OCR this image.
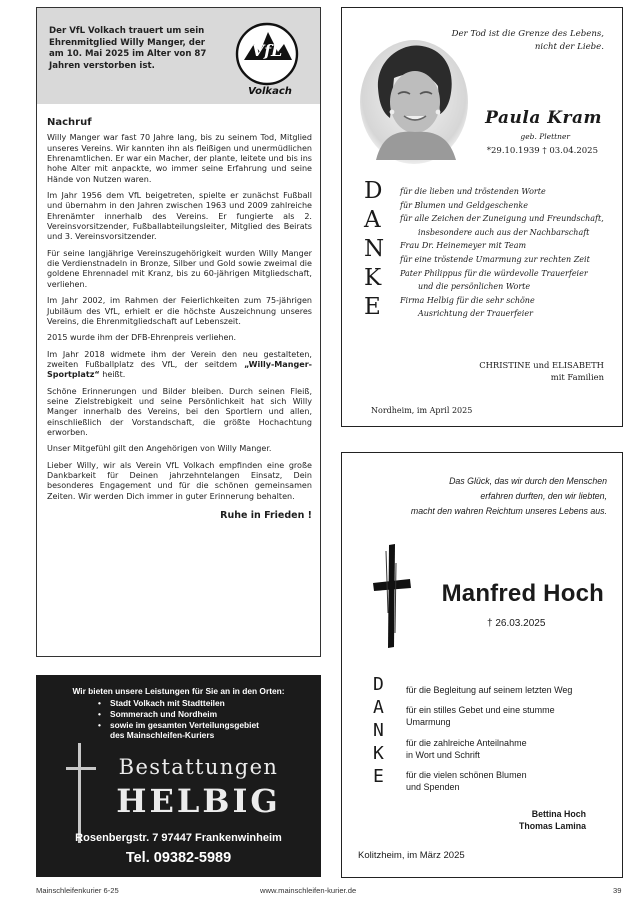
Der VfL Volkach trauert um sein Ehrenmitglied Willy Manger, der am 10. Mai 2025 im Alter von 87 Jahren verstorben ist.
VfL
Volkach
Nachruf

Willy Manger war fast 70 Jahre lang, bis zu seinem Tod, Mitglied unseres Vereins. Wir kannten ihn als fleißigen und unermüdlichen Ehrenamtlichen. Er war ein Macher, der plante, leitete und bis ins hohe Alter mit anpackte, wo immer seine Erfahrung und seine Hände von Nutzen waren.

Im Jahr 1956 dem VfL beigetreten, spielte er zunächst Fußball und übernahm in den Jahren zwischen 1963 und 2009 zahlreiche Ehrenämter innerhalb des Vereins. Er fungierte als 2. Vereinsvorsitzender, Fußballabteilungsleiter, Mitglied des Beirats und 3. Vereinsvorsitzender.

Für seine langjährige Vereinszugehörigkeit wurden Willy Manger die Verdienstnadeln in Bronze, Silber und Gold sowie zweimal die goldene Ehrennadel mit Kranz, bis zu 60-jährigen Mitgliedschaft, verliehen.

Im Jahr 2002, im Rahmen der Feierlichkeiten zum 75-jährigen Jubiläum des VfL, erhielt er die höchste Auszeichnung unseres Vereins, die Ehrenmitgliedschaft auf Lebenszeit.

2015 wurde ihm der DFB-Ehrenpreis verliehen.

Im Jahr 2018 widmete ihm der Verein den neu gestalteten, zweiten Fußballplatz des VfL, der seitdem „Willy-Manger-Sportplatz“ heißt.

Schöne Erinnerungen und Bilder bleiben. Durch seinen Fleiß, seine Zielstrebigkeit und seine Persönlichkeit hat sich Willy Manger innerhalb des Vereins, bei den Sportlern und allen, einschließlich der Vorstandschaft, die größte Hochachtung erworben.

Unser Mitgefühl gilt den Angehörigen von Willy Manger.

Lieber Willy, wir als Verein VfL Volkach empfinden eine große Dankbarkeit für Deinen jahrzehntelangen Einsatz, Dein besonderes Engagement und für die schönen gemeinsamen Zeiten. Wir werden Dich immer in guter Erinnerung behalten.

Ruhe in Frieden !
Wir bieten unsere Leistungen für Sie an in den Orten:
• Stadt Volkach mit Stadtteilen
• Sommerach und Nordheim
• sowie im gesamten Verteilungsgebiet
des Mainschleifen-Kuriers
Bestattungen
HELBIG
Rosenbergstr. 7 97447 Frankenwinheim
Tel. 09382-5989
Der Tod ist die Grenze des Lebens,
nicht der Liebe.
Paula Kram
geb. Plettner
*29.10.1939 † 03.04.2025
D
A
N
K
E
für die lieben und tröstenden Worte
für Blumen und Geldgeschenke
für alle Zeichen der Zuneigung und Freundschaft,
insbesondere auch aus der Nachbarschaft
Frau Dr. Heinemeyer mit Team
für eine tröstende Umarmung zur rechten Zeit
Pater Philippus für die würdevolle Trauerfeier
und die persönlichen Worte
Firma Helbig für die sehr schöne
Ausrichtung der Trauerfeier
CHRISTINE und ELISABETH
mit Familien
Nordheim, im April 2025
Das Glück, das wir durch den Menschen
erfahren durften, den wir liebten,
macht den wahren Reichtum unseres Lebens aus.
Manfred Hoch
† 26.03.2025
D
A
N
K
E
für die Begleitung auf seinem letzten Weg
für ein stilles Gebet und eine stumme
Umarmung
für die zahlreiche Anteilnahme
in Wort und Schrift
für die vielen schönen Blumen
und Spenden
Bettina Hoch
Thomas Lamina
Kolitzheim, im März 2025
Mainschleifenkurier 6-25	www.mainschleifen-kurier.de	39
